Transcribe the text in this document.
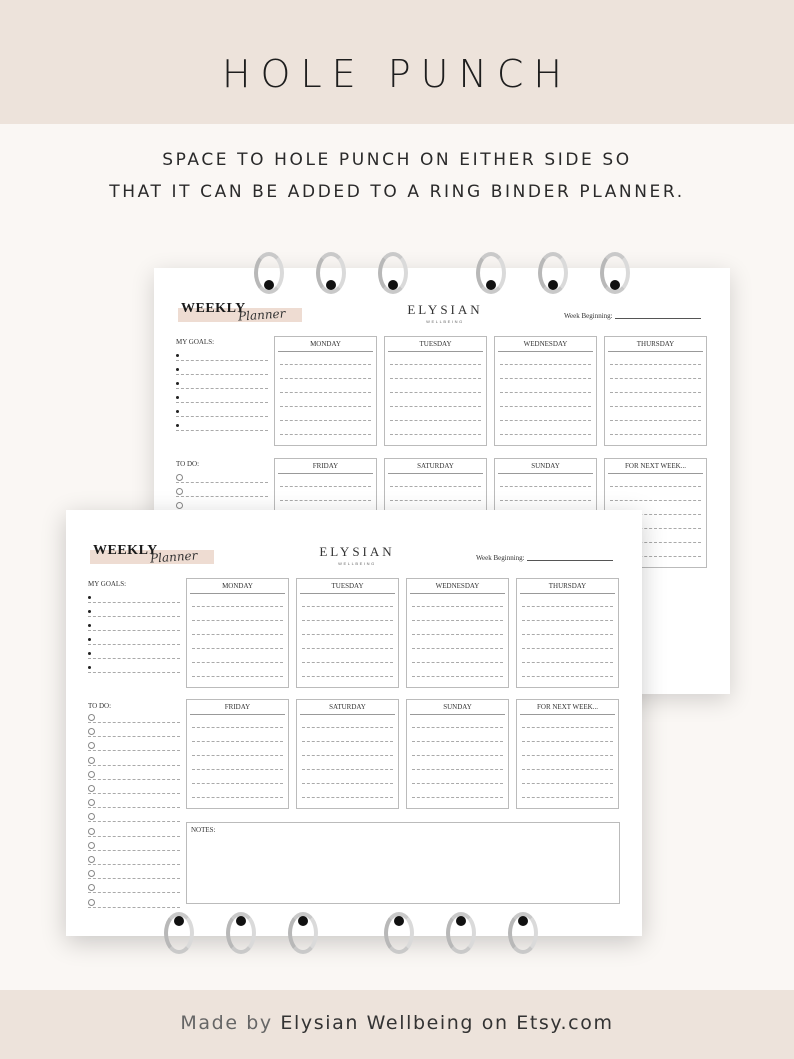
HOLE PUNCH
SPACE TO HOLE PUNCH ON EITHER SIDE SO
THAT IT CAN BE ADDED TO A RING BINDER PLANNER.
WEEKLY
Planner	ELYSIAN
WELLBEING
Week Beginning:
MY GOALS:
TO DO:
MONDAY	TUESDAY	WEDNESDAY	THURSDAY
FRIDAY	SATURDAY	SUNDAY	FOR NEXT WEEK...
WEEKLY
Planner	ELYSIAN
WELLBEING
Week Beginning:
MY GOALS:
TO DO:
NOTES:
MONDAY	TUESDAY	WEDNESDAY	THURSDAY
FRIDAY	SATURDAY	SUNDAY	FOR NEXT WEEK...
Made by Elysian Wellbeing on Etsy.com
